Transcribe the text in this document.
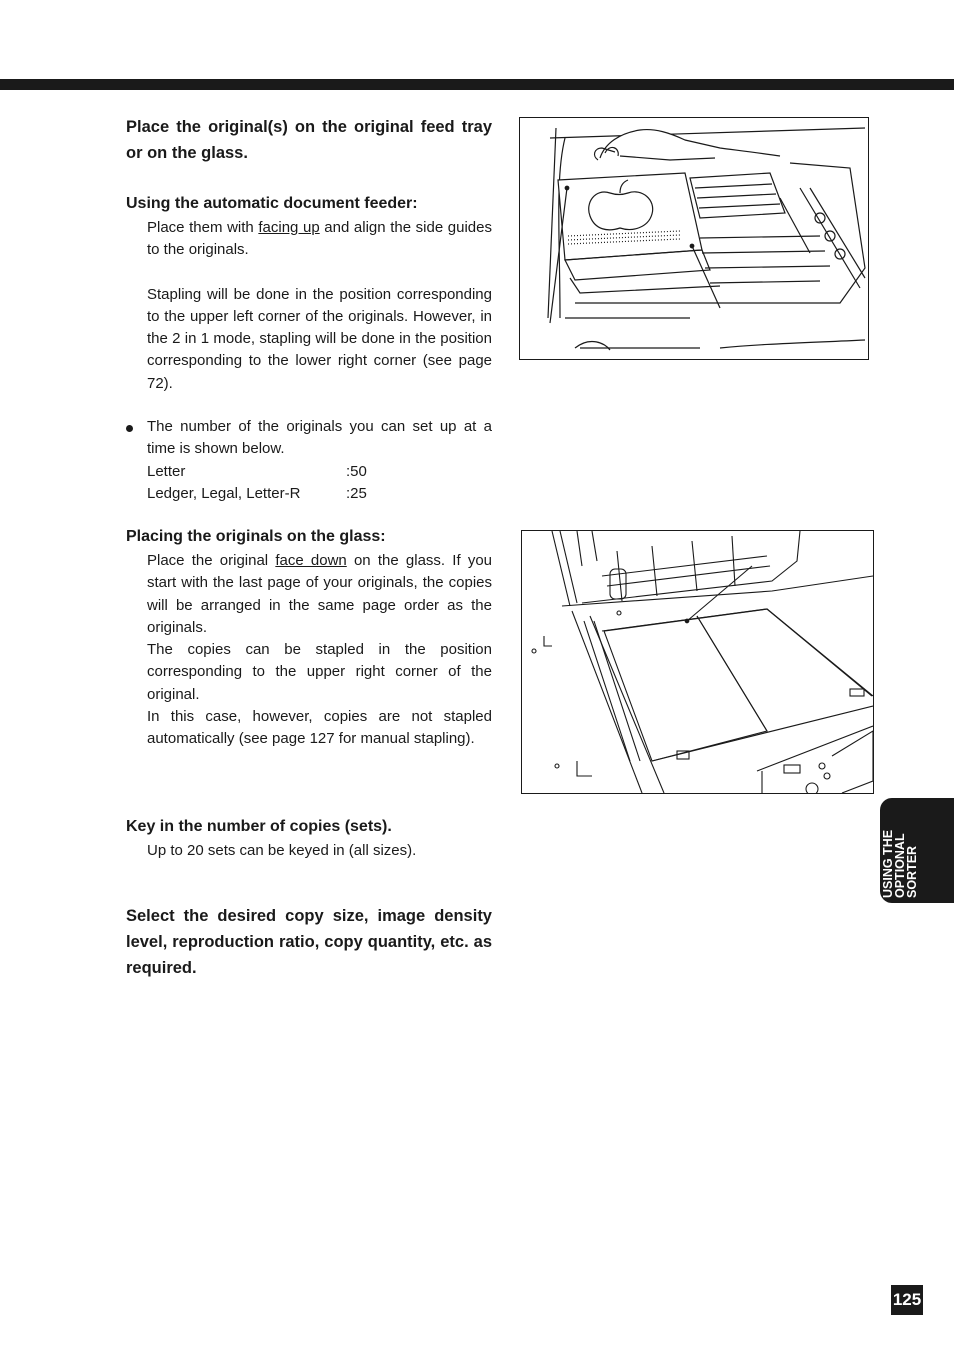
Place the original(s) on the original feed tray or on the glass.

Using the automatic document feeder:

Place them with facing up and align the side guides to the originals.

Stapling will be done in the position corresponding to the upper left corner of the originals. However, in the 2 in 1 mode, stapling will be done in the position corresponding to the lower right corner (see page 72).

The number of the originals you can set up at a time is shown below.
Letter	:50
Ledger, Legal, Letter-R	:25

Placing the originals on the glass:

Place the original face down on the glass. If you start with the last page of your originals, the copies will be arranged in the same page order as the originals.

The copies can be stapled in the position corresponding to the upper right corner of the original.

In this case, however, copies are not stapled automatically (see page 127 for manual stapling).

Key in the number of copies (sets).

Up to 20 sets can be keyed in (all sizes).

Select the desired copy size, image density level, reproduction ratio, copy quantity, etc. as required.

USING THE
OPTIONAL
SORTER
125
